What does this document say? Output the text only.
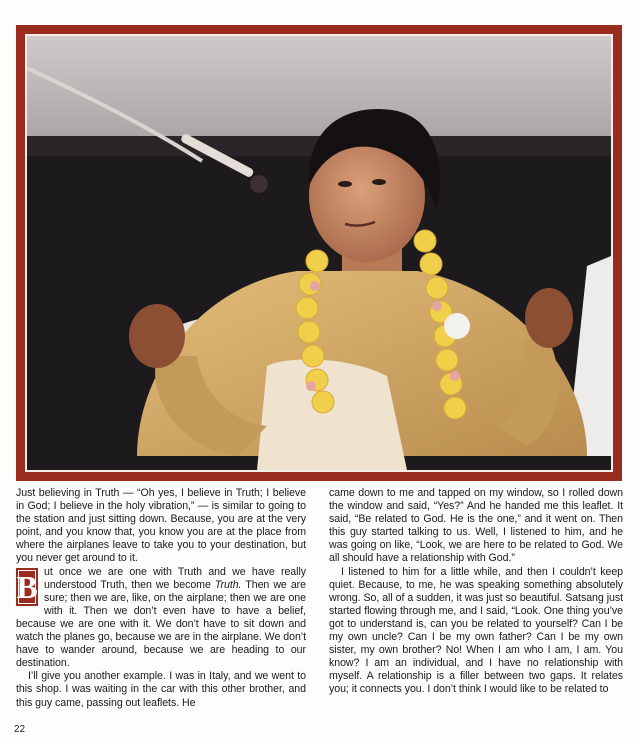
Just believing in Truth — “Oh yes, I believe in Truth; I believe in God; I believe in the holy vibration,” — is similar to going to the station and just sitting down. Because, you are at the very point, and you know that, you know you are at the place from where the airplanes leave to take you to your destination, but you never get around to it.

B ut once we are one with Truth and we have really understood Truth, then we become Truth. Then we are sure; then we are, like, on the airplane; then we are one with it. Then we don’t even have to have a belief, because we are one with it. We don’t have to sit down and watch the planes go, because we are in the airplane. We don’t have to wander around, because we are heading to our destination.

I’ll give you another example. I was in Italy, and we went to this shop. I was waiting in the car with this other brother, and this guy came, passing out leaflets. He

came down to me and tapped on my window, so I rolled down the window and said, “Yes?” And he handed me this leaflet. It said, “Be related to God. He is the one,” and it went on. Then this guy started talking to us. Well, I listened to him, and he was going on like, “Look, we are here to be related to God. We all should have a relationship with God.”

I listened to him for a little while, and then I couldn’t keep quiet. Because, to me, he was speaking something absolutely wrong. So, all of a sudden, it was just so beautiful. Satsang just started flowing through me, and I said, “Look. One thing you’ve got to understand is, can you be related to yourself? Can I be my own uncle? Can I be my own father? Can I be my own sister, my own brother? No! When I am who I am, I am. You know? I am an individual, and I have no relationship with myself. A relationship is a filler between two gaps. It relates you; it connects you. I don’t think I would like to be related to

22
